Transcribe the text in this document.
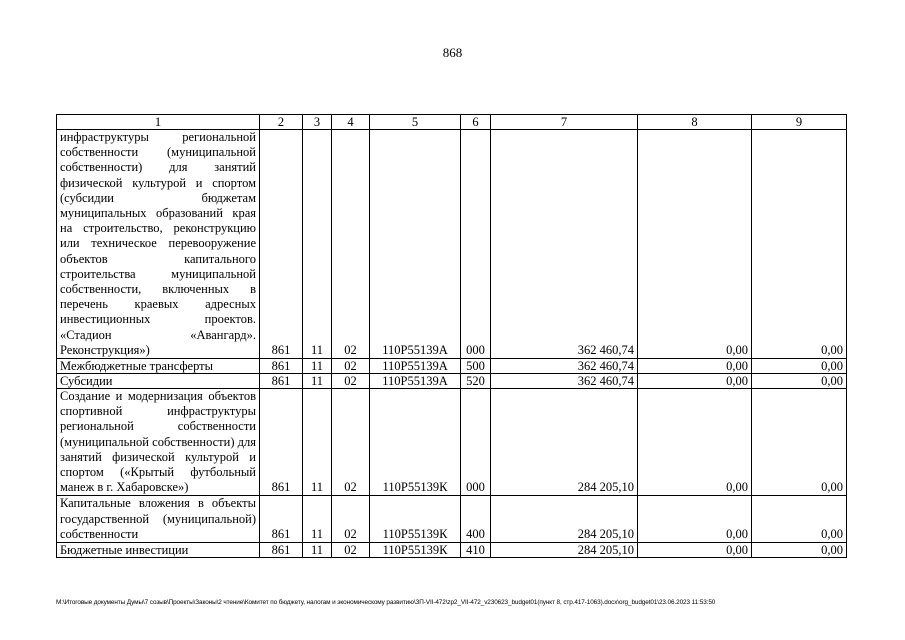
868
1	2	3	4	5	6	7	8	9
инфраструктуры региональной собственности (муниципальной собственности) для занятий физической культурой и спортом (субсидии бюджетам муниципальных образований края на строительство, реконструкцию или техническое перевооружение объектов капитального строительства муниципальной собственности, включенных в перечень краевых адресных инвестиционных проектов. «Стадион «Авангард». Реконструкция»)	861	11	02	110Р55139А	000	362 460,74	0,00	0,00
Межбюджетные трансферты	861	11	02	110Р55139А	500	362 460,74	0,00	0,00
Субсидии	861	11	02	110Р55139А	520	362 460,74	0,00	0,00
Создание и модернизация объектов спортивной инфраструктуры региональной собственности (муниципальной собственности) для занятий физической культурой и спортом («Крытый футбольный манеж в г. Хабаровске»)	861	11	02	110Р55139К	000	284 205,10	0,00	0,00
Капитальные вложения в объекты государственной (муниципальной) собственности	861	11	02	110Р55139К	400	284 205,10	0,00	0,00
Бюджетные инвестиции	861	11	02	110Р55139К	410	284 205,10	0,00	0,00
M:\Итоговые документы Думы\7 созыв\Проекты\Законы\2 чтение\Комитет по бюджету, налогам и экономическому развитию\ЗП-VII-472\zp2_VII-472_v230623_budget01(пункт 8, стр.417-1063).docx\org_budget01\23.06.2023 11:53:50
